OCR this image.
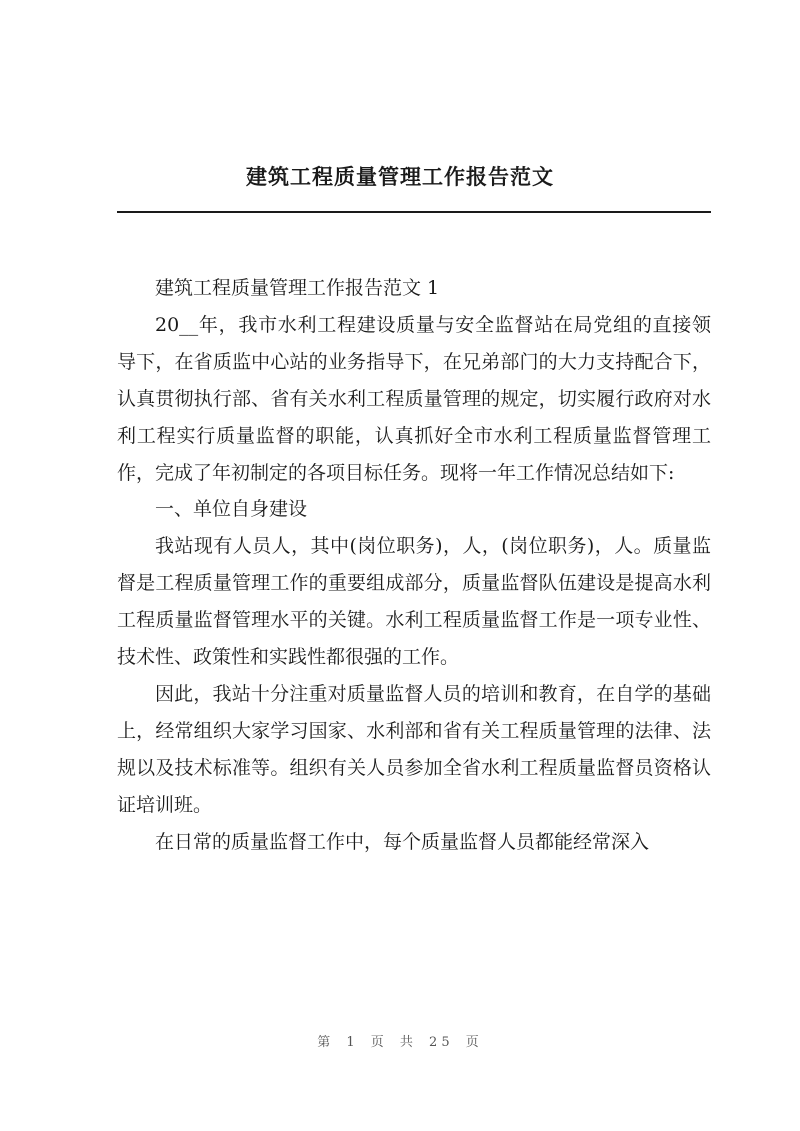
建筑工程质量管理工作报告范文

建筑工程质量管理工作报告范文 1

20__年，我市水利工程建设质量与安全监督站在局党组的直接领导下，在省质监中心站的业务指导下，在兄弟部门的大力支持配合下，认真贯彻执行部、省有关水利工程质量管理的规定，切实履行政府对水利工程实行质量监督的职能，认真抓好全市水利工程质量监督管理工作，完成了年初制定的各项目标任务。现将一年工作情况总结如下:

一、单位自身建设

我站现有人员人，其中(岗位职务)，人，(岗位职务)，人。质量监督是工程质量管理工作的重要组成部分，质量监督队伍建设是提高水利工程质量监督管理水平的关键。水利工程质量监督工作是一项专业性、技术性、政策性和实践性都很强的工作。

因此，我站十分注重对质量监督人员的培训和教育，在自学的基础上，经常组织大家学习国家、水利部和省有关工程质量管理的法律、法规以及技术标准等。组织有关人员参加全省水利工程质量监督员资格认证培训班。

在日常的质量监督工作中，每个质量监督人员都能经常深入

第 1 页 共 25 页
